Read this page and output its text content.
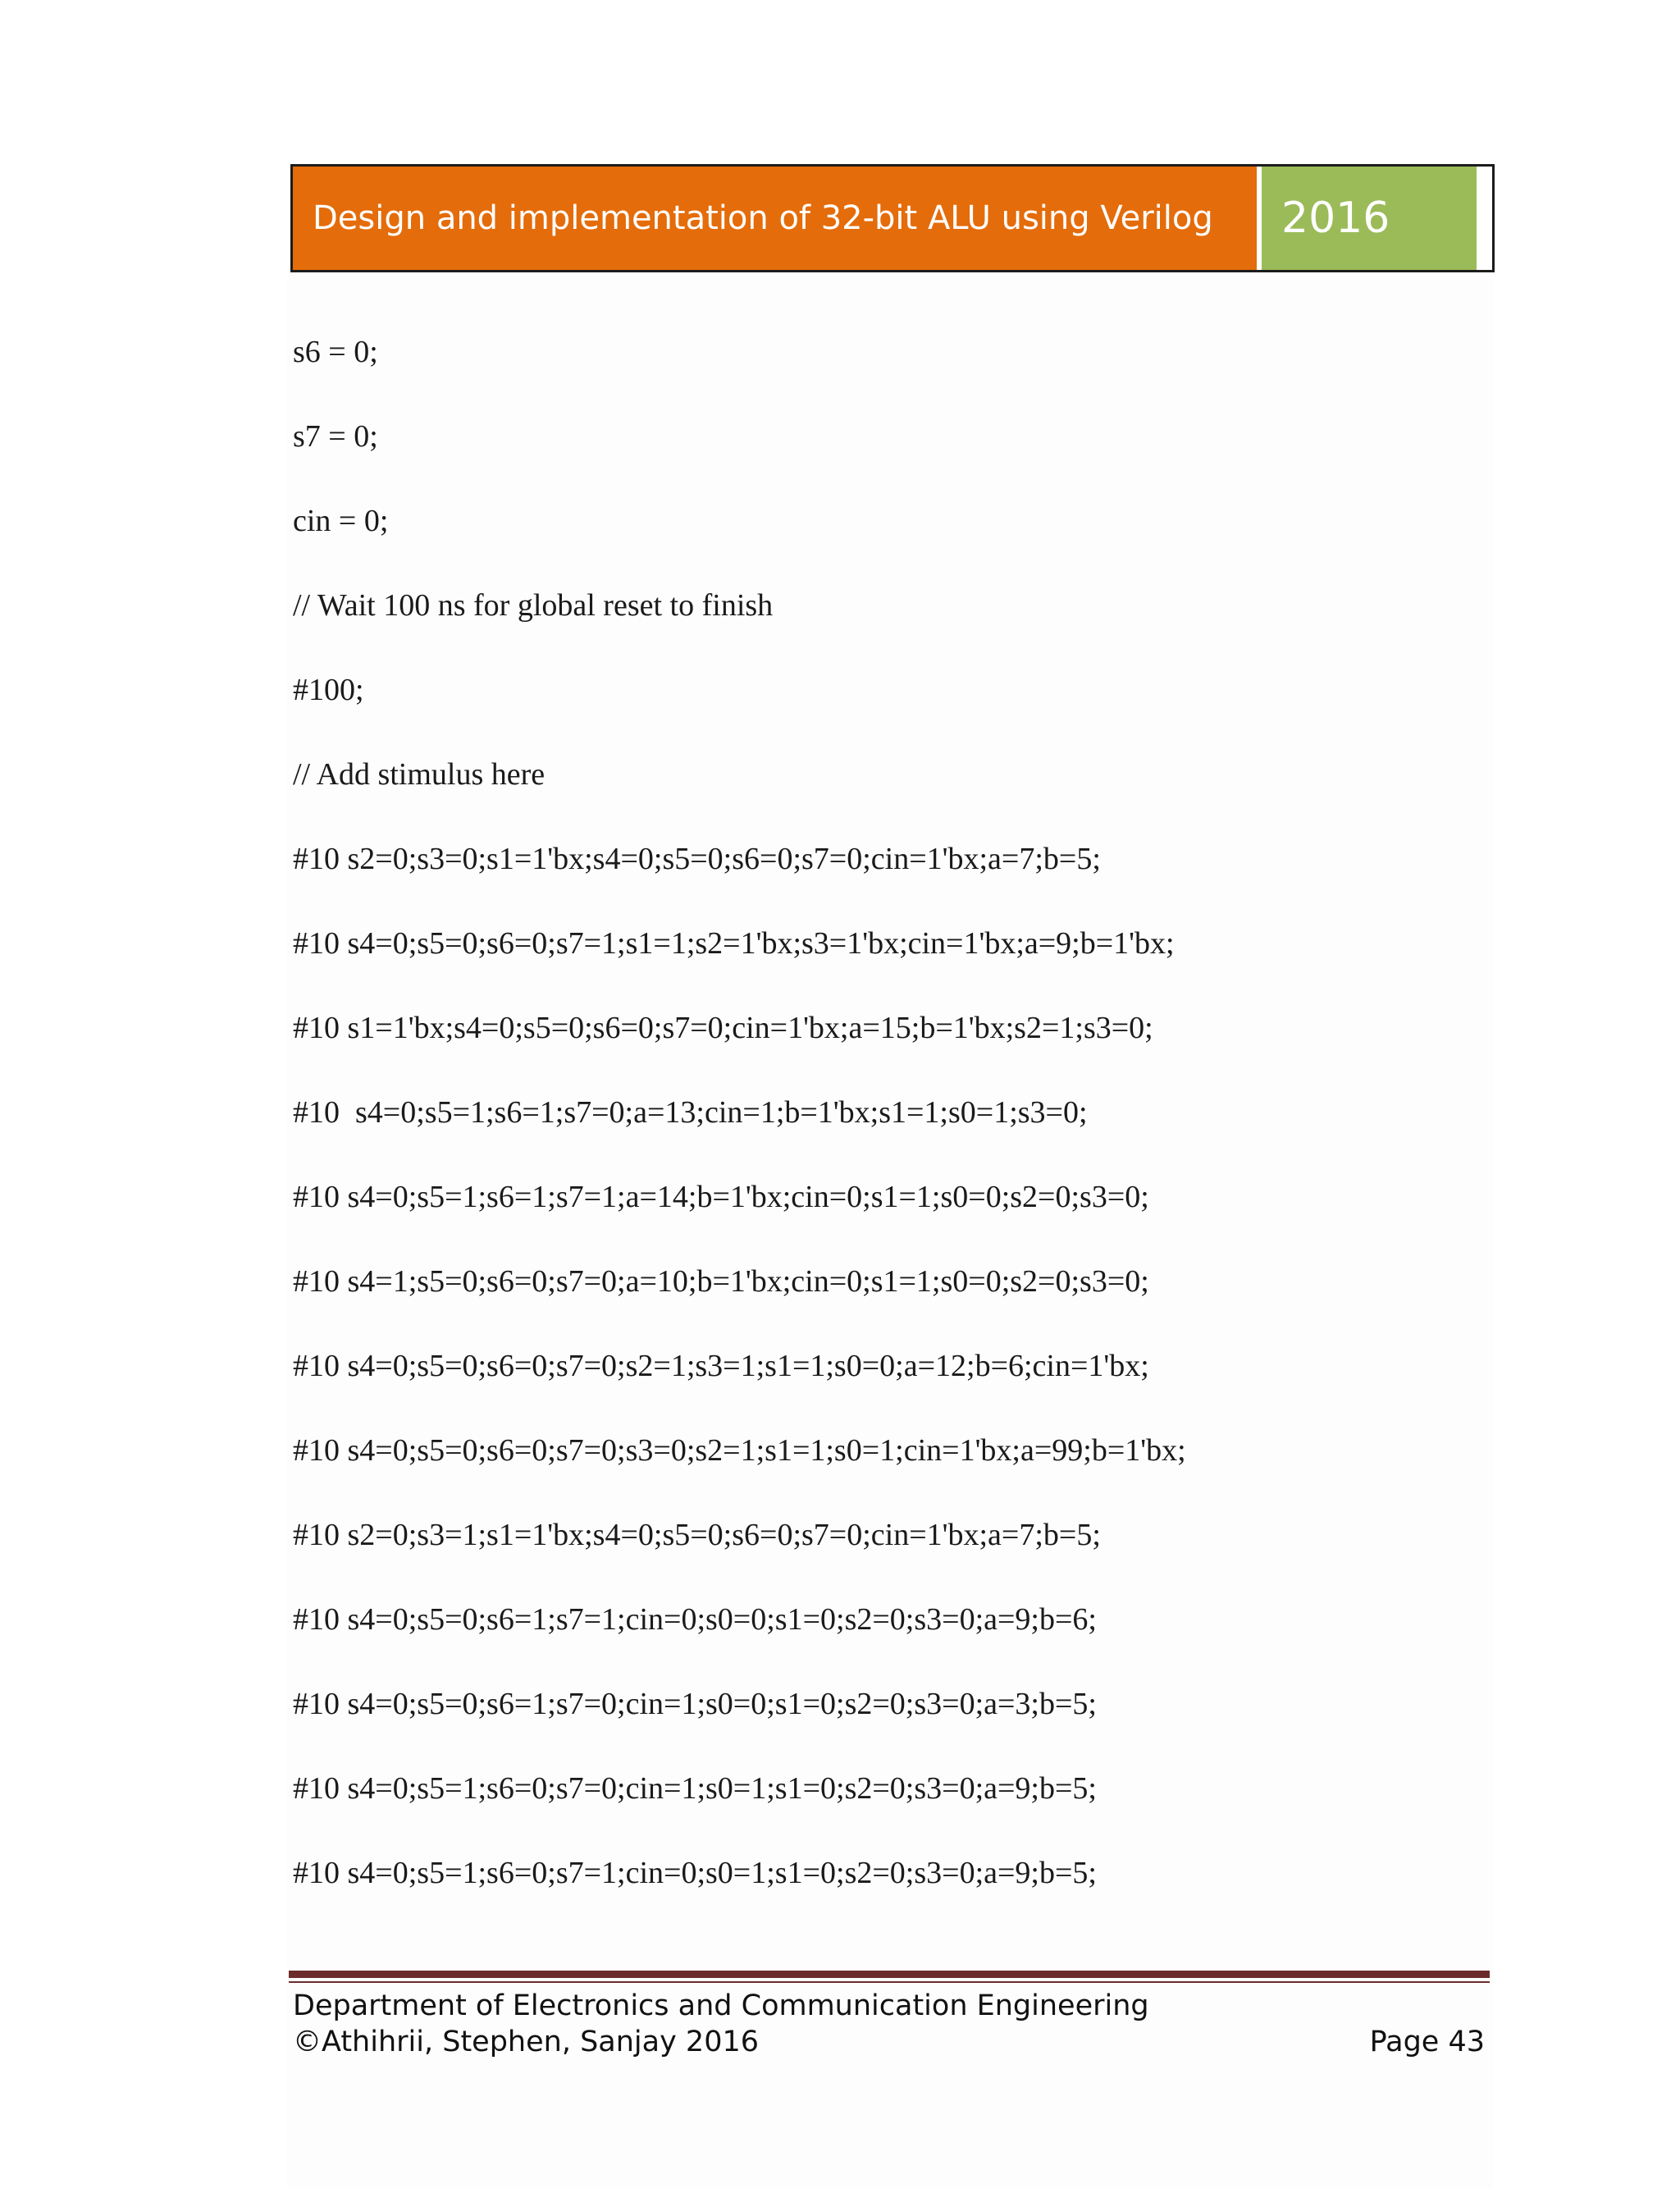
Design and implementation of 32-bit ALU using Verilog	2016
s6 = 0;
s7 = 0;
cin = 0;
// Wait 100 ns for global reset to finish
#100;
// Add stimulus here
#10 s2=0;s3=0;s1=1'bx;s4=0;s5=0;s6=0;s7=0;cin=1'bx;a=7;b=5;
#10 s4=0;s5=0;s6=0;s7=1;s1=1;s2=1'bx;s3=1'bx;cin=1'bx;a=9;b=1'bx;
#10 s1=1'bx;s4=0;s5=0;s6=0;s7=0;cin=1'bx;a=15;b=1'bx;s2=1;s3=0;
#10  s4=0;s5=1;s6=1;s7=0;a=13;cin=1;b=1'bx;s1=1;s0=1;s3=0;
#10 s4=0;s5=1;s6=1;s7=1;a=14;b=1'bx;cin=0;s1=1;s0=0;s2=0;s3=0;
#10 s4=1;s5=0;s6=0;s7=0;a=10;b=1'bx;cin=0;s1=1;s0=0;s2=0;s3=0;
#10 s4=0;s5=0;s6=0;s7=0;s2=1;s3=1;s1=1;s0=0;a=12;b=6;cin=1'bx;
#10 s4=0;s5=0;s6=0;s7=0;s3=0;s2=1;s1=1;s0=1;cin=1'bx;a=99;b=1'bx;
#10 s2=0;s3=1;s1=1'bx;s4=0;s5=0;s6=0;s7=0;cin=1'bx;a=7;b=5;
#10 s4=0;s5=0;s6=1;s7=1;cin=0;s0=0;s1=0;s2=0;s3=0;a=9;b=6;
#10 s4=0;s5=0;s6=1;s7=0;cin=1;s0=0;s1=0;s2=0;s3=0;a=3;b=5;
#10 s4=0;s5=1;s6=0;s7=0;cin=1;s0=1;s1=0;s2=0;s3=0;a=9;b=5;
#10 s4=0;s5=1;s6=0;s7=1;cin=0;s0=1;s1=0;s2=0;s3=0;a=9;b=5;
Department of Electronics and Communication Engineering
©Athihrii, Stephen, Sanjay 2016	Page 43
